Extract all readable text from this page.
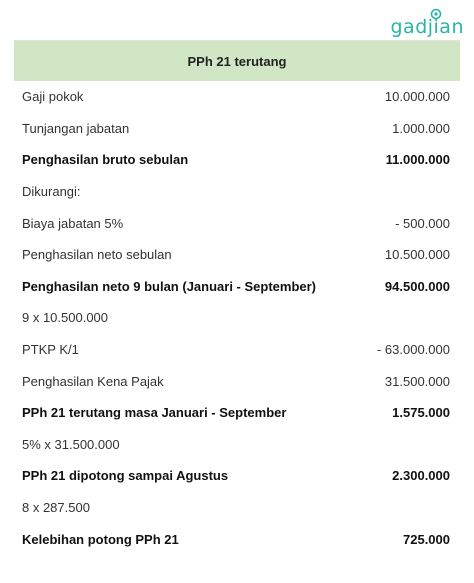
gadjian
PPh 21 terutang
Gaji pokok	10.000.000
Tunjangan jabatan	1.000.000
Penghasilan bruto sebulan	11.000.000
Dikurangi:
Biaya jabatan 5%	- 500.000
Penghasilan neto sebulan	10.500.000
Penghasilan neto 9 bulan (Januari - September)	94.500.000
9 x 10.500.000
PTKP K/1	- 63.000.000
Penghasilan Kena Pajak	31.500.000
PPh 21 terutang masa Januari - September	1.575.000
5% x 31.500.000
PPh 21 dipotong sampai Agustus	2.300.000
8 x 287.500
Kelebihan potong PPh 21	725.000
